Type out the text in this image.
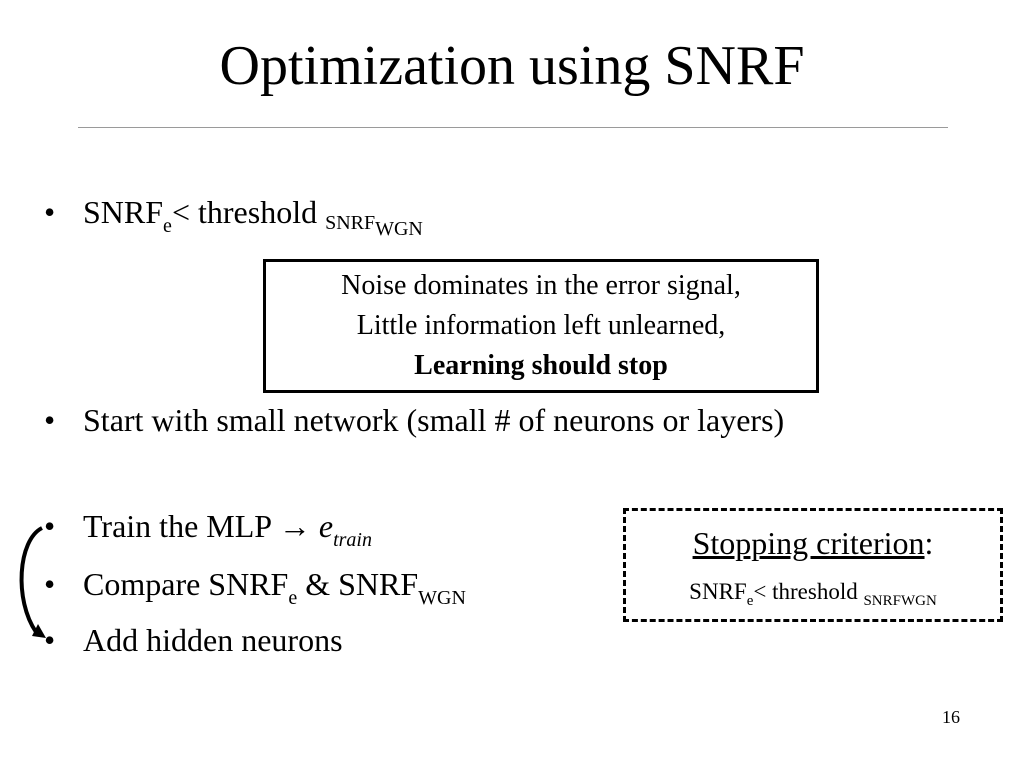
Optimization using SNRF
• $SNRF_e<$ threshold SNRFWGN
Noise dominates in the error signal,
Little information left unlearned,
Learning should stop
• Start with small network (small # of neurons or layers)
• Train the MLP → $e_{train}$
• Compare $SNRF_e$ & $SNRF_{WGN}$
• Add hidden neurons
Stopping criterion:
$SNRF_e<$ threshold $_{SNRFWGN}$
16
